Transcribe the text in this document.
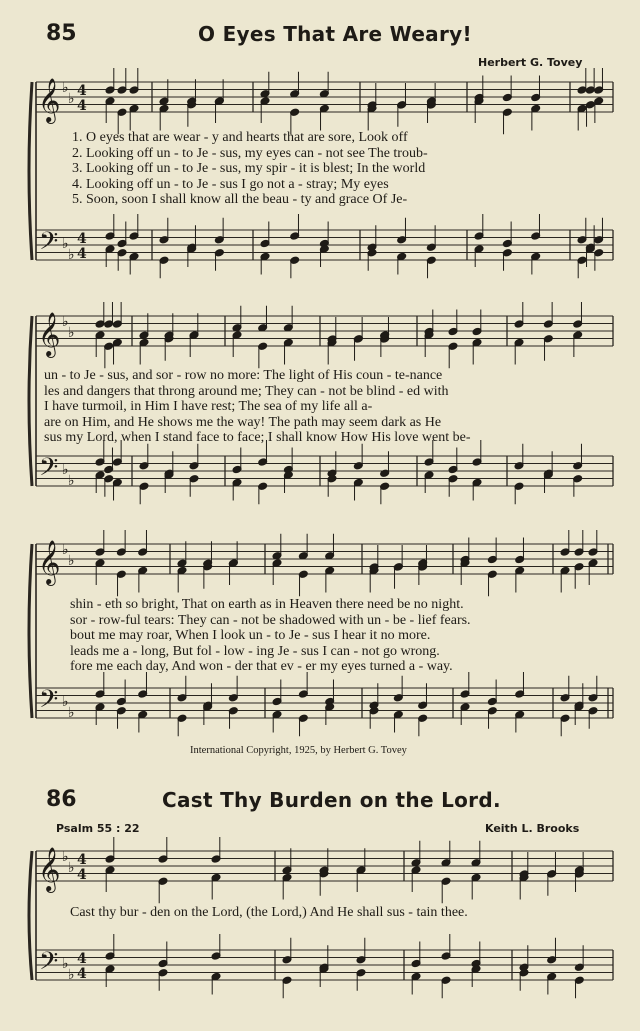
85	O Eyes That Are Weary!
Herbert G. Tovey
𝄞
𝄢
♭
♭
♭
♭
4
4
4
4
𝄞
𝄢
♭
♭
♭
♭
𝄞
𝄢
♭
♭
♭
♭
𝄞
𝄢
♭
♭
♭
♭
4
4
4
4
1. O eyes that are wear - y and hearts that are sore, Look off
2. Looking off un - to Je - sus, my eyes can - not see The troub-
3. Looking off un - to Je - sus, my spir - it is blest; In the world
4. Looking off un - to Je - sus I go not a - stray; My eyes
5. Soon, soon I shall know all the beau - ty and grace Of Je-
un - to Je - sus, and sor - row no more: The light of His coun - te-nance
les and dangers that throng around me; They can - not be blind - ed with
I have turmoil, in Him I have rest; The sea of my life all a-
are on Him, and He shows me the way! The path may seem dark as He
sus my Lord, when I stand face to face; I shall know How His love went be-
shin - eth so bright, That on earth as in Heaven there need be no night.
sor - row-ful tears: They can - not be shadowed with un - be - lief fears.
bout me may roar, When I look un - to Je - sus I hear it no more.
leads me a - long, But fol - low - ing Je - sus I can - not go wrong.
fore me each day, And won - der that ev - er my eyes turned a - way.
International Copyright, 1925, by Herbert G. Tovey
86	Cast Thy Burden on the Lord.
Psalm 55 : 22	Keith L. Brooks
Cast thy bur - den on the Lord, (the Lord,) And He shall sus - tain thee.
